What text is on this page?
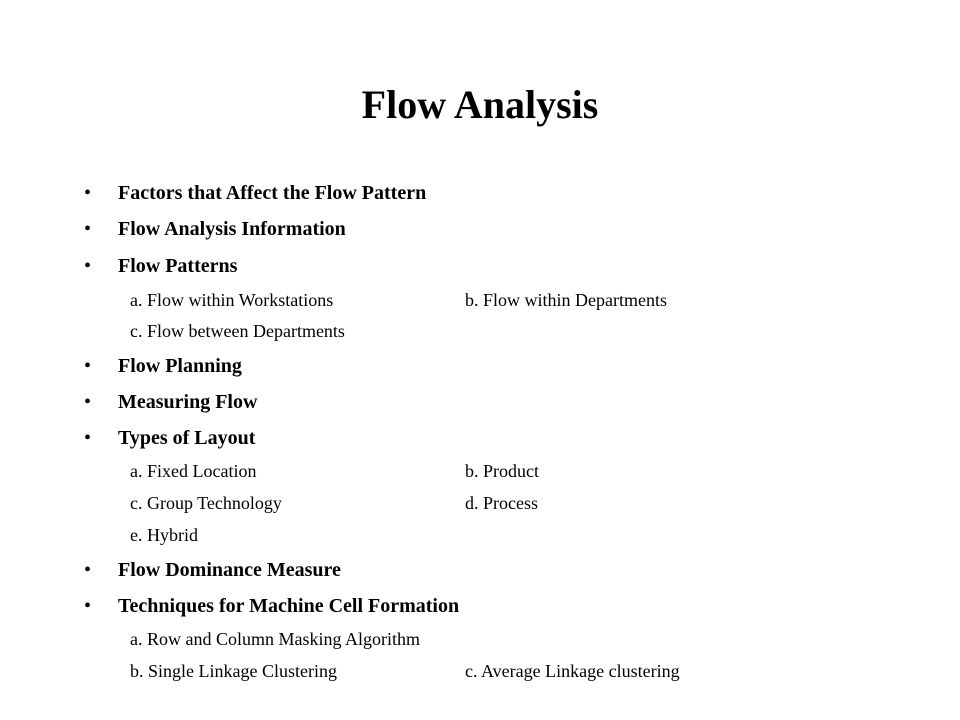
Flow Analysis
• Factors that Affect the Flow Pattern
• Flow Analysis Information
• Flow Patterns
a. Flow within Workstations	b. Flow within Departments
c. Flow between Departments
• Flow Planning
• Measuring Flow
• Types of Layout
a. Fixed Location	b. Product
c. Group Technology	d. Process
e. Hybrid
• Flow Dominance Measure
• Techniques for Machine Cell Formation
a. Row and Column Masking Algorithm
b. Single Linkage Clustering	c. Average Linkage clustering
